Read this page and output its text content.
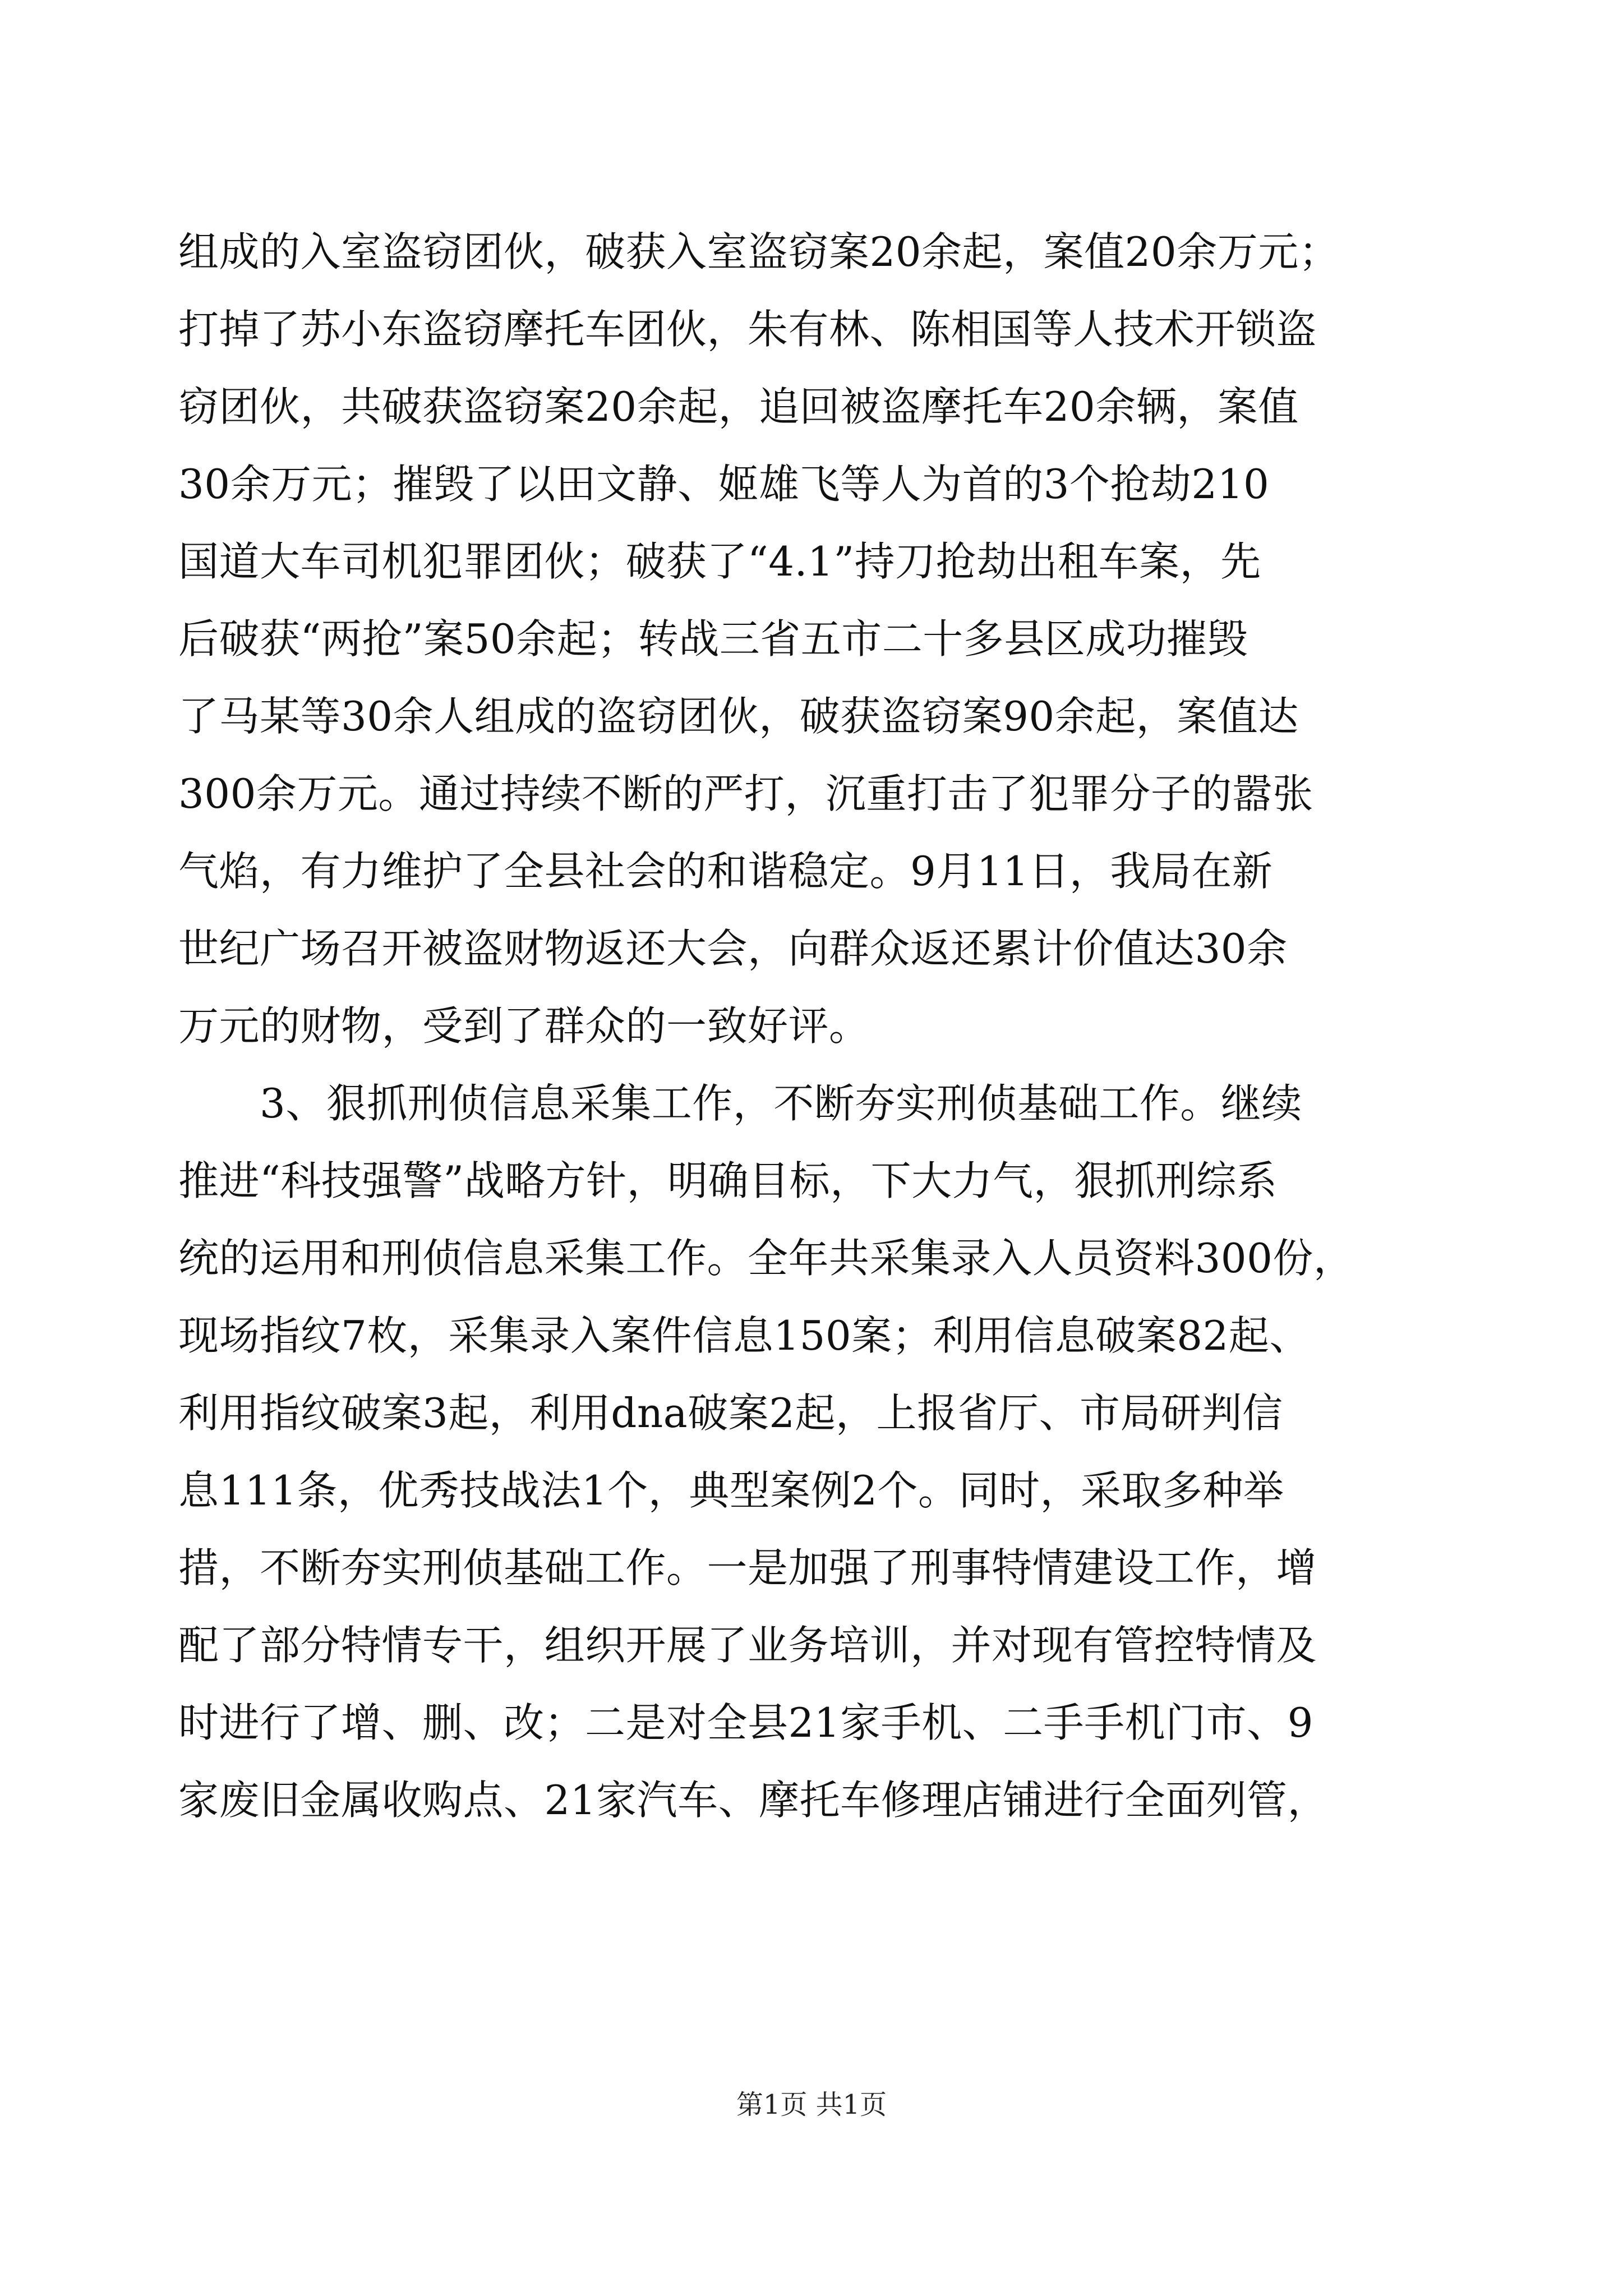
组成的入室盗窃团伙，破获入室盗窃案20余起，案值20余万元；
打掉了苏小东盗窃摩托车团伙，朱有林、陈相国等人技术开锁盗
窃团伙，共破获盗窃案20余起，追回被盗摩托车20余辆，案值
30余万元；摧毁了以田文静、姬雄飞等人为首的3个抢劫210
国道大车司机犯罪团伙；破获了“4.1”持刀抢劫出租车案，先
后破获“两抢”案50余起；转战三省五市二十多县区成功摧毁
了马某等30余人组成的盗窃团伙，破获盗窃案90余起，案值达
300余万元。通过持续不断的严打，沉重打击了犯罪分子的嚣张
气焰，有力维护了全县社会的和谐稳定。9月11日，我局在新
世纪广场召开被盗财物返还大会，向群众返还累计价值达30余
万元的财物，受到了群众的一致好评。
　　3、狠抓刑侦信息采集工作，不断夯实刑侦基础工作。继续
推进“科技强警”战略方针，明确目标，下大力气，狠抓刑综系
统的运用和刑侦信息采集工作。全年共采集录入人员资料300份，
现场指纹7枚，采集录入案件信息150案；利用信息破案82起、
利用指纹破案3起，利用dna破案2起，上报省厅、市局研判信
息111条，优秀技战法1个，典型案例2个。同时，采取多种举
措，不断夯实刑侦基础工作。一是加强了刑事特情建设工作，增
配了部分特情专干，组织开展了业务培训，并对现有管控特情及
时进行了增、删、改；二是对全县21家手机、二手手机门市、9
家废旧金属收购点、21家汽车、摩托车修理店铺进行全面列管，
第1页 共1页
